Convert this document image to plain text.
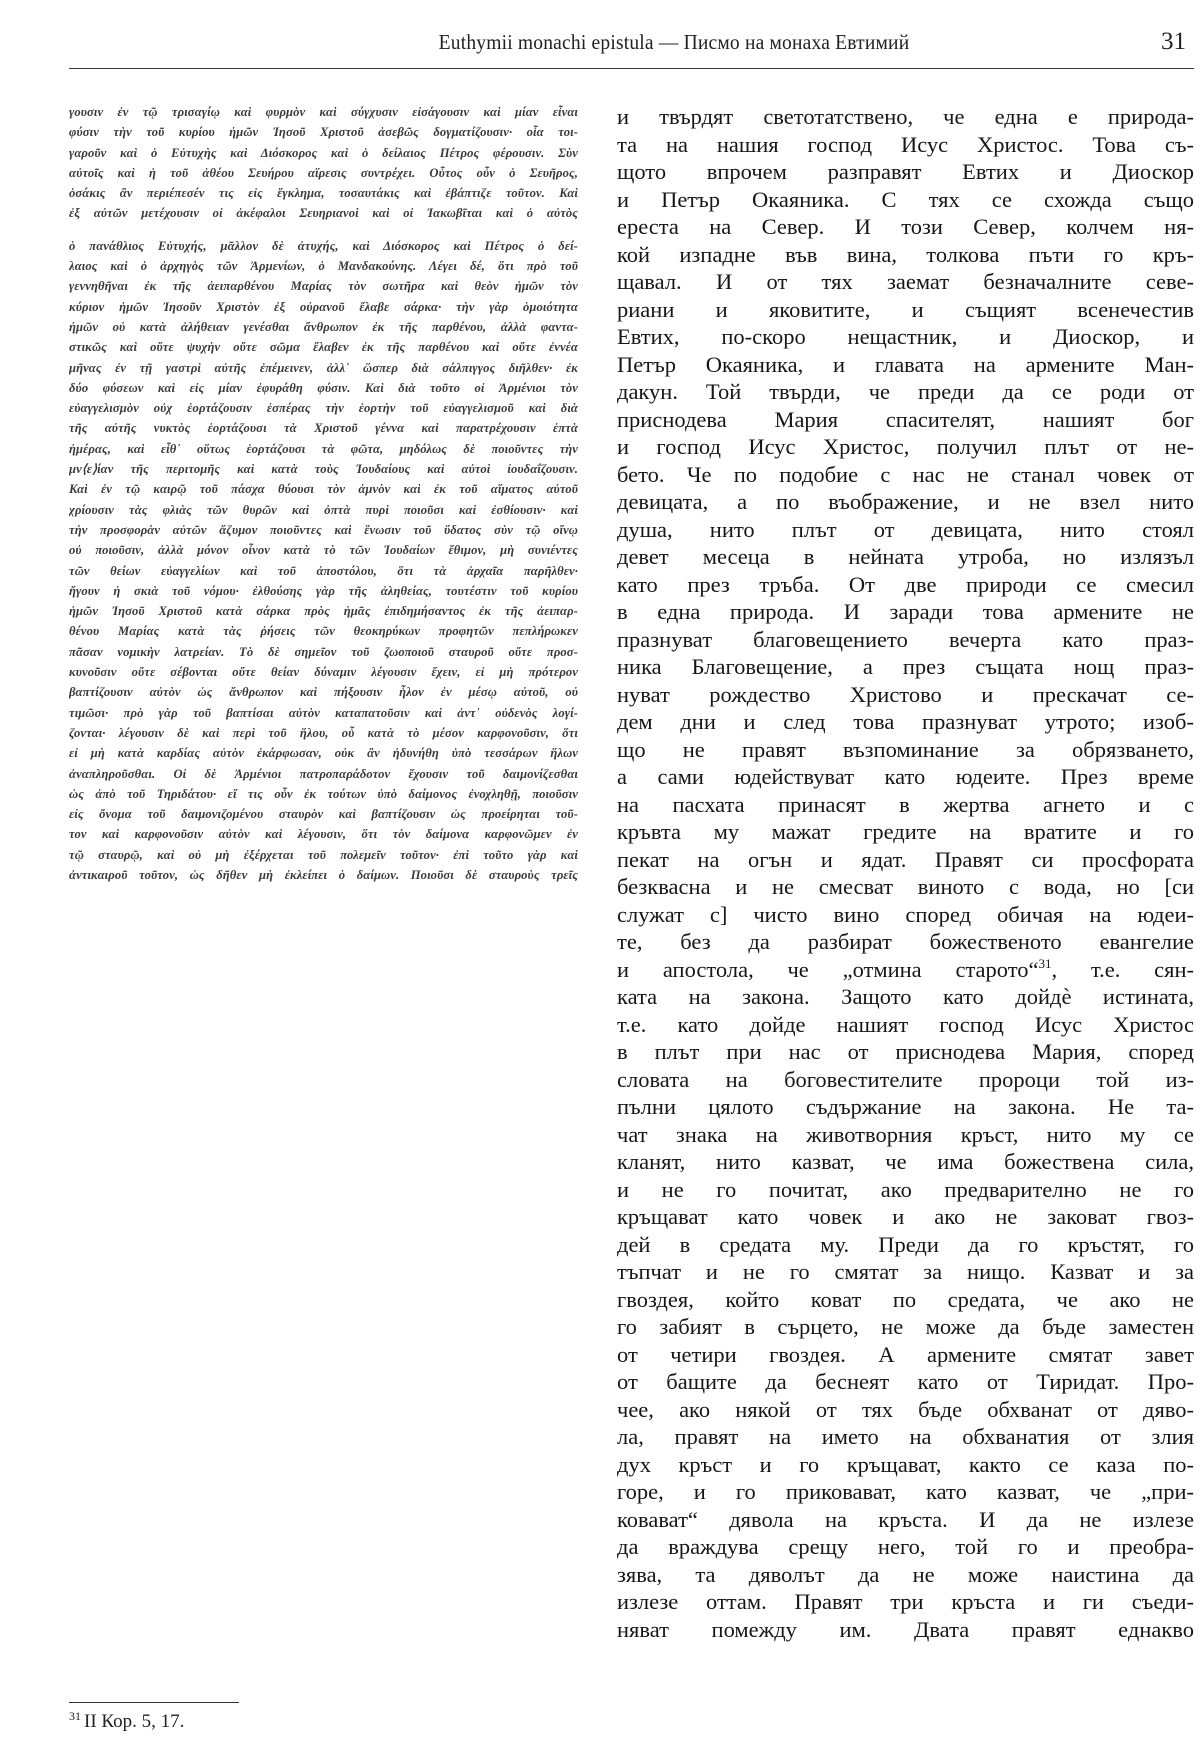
Euthymii monachi epistula — Писмо на монаха Евтимий	31
γουσιν ἐν τῷ τρισαγίῳ καὶ φυρμὸν καὶ σύγχυσιν εἰσάγουσιν καὶ μίαν εἶναι
φύσιν τὴν τοῦ κυρίου ἡμῶν Ἰησοῦ Χριστοῦ ἀσεβῶς δογματίζουσιν· οἷα τοι-
γαροῦν καὶ ὁ Εὐτυχὴς καὶ Διόσκορος καὶ ὁ δείλαιος Πέτρος φέρουσιν. Σὺν
αὐτοῖς καὶ ἡ τοῦ ἀθέου Σευήρου αἵρεσις συντρέχει. Οὗτος οὖν ὁ Σευῆρος,
ὁσάκις ἂν περιέπεσέν τις εἰς ἔγκλημα, τοσαυτάκις καὶ ἐβάπτιζε τοῦτον. Καὶ
ἐξ αὐτῶν μετέχουσιν οἱ ἀκέφαλοι Σευηριανοὶ καὶ οἱ Ἰακωβῖται καὶ ὁ αὐτὸς
ὁ πανάθλιος Εὐτυχής, μᾶλλον δὲ ἀτυχής, καὶ Διόσκορος καὶ Πέτρος ὁ δεί-
λαιος καὶ ὁ ἀρχηγὸς τῶν Ἀρμενίων, ὁ Μανδακούνης. Λέγει δέ, ὅτι πρὸ τοῦ
γεννηθῆναι ἐκ τῆς ἀειπαρθένου Μαρίας τὸν σωτῆρα καὶ θεὸν ἡμῶν τὸν
κύριον ἡμῶν Ἰησοῦν Χριστὸν ἐξ οὐρανοῦ ἔλαβε σάρκα· τὴν γὰρ ὁμοιότητα
ἡμῶν οὐ κατὰ ἀλήθειαν γενέσθαι ἄνθρωπον ἐκ τῆς παρθένου, ἀλλὰ φαντα-
στικῶς καὶ οὔτε ψυχὴν οὔτε σῶμα ἔλαβεν ἐκ τῆς παρθένου καὶ οὔτε ἐννέα
μῆνας ἐν τῇ γαστρὶ αὐτῆς ἐπέμεινεν, ἀλλ᾿ ὥσπερ διὰ σάλπιγγος διῆλθεν· ἐκ
δύο φύσεων καὶ εἰς μίαν ἐφυράθη φύσιν. Καὶ διὰ τοῦτο οἱ Ἀρμένιοι τὸν
εὐαγγελισμὸν οὐχ ἑορτάζουσιν ἑσπέρας τὴν ἑορτὴν τοῦ εὐαγγελισμοῦ καὶ διὰ
τῆς αὐτῆς νυκτὸς ἑορτάζουσι τὰ Χριστοῦ γέννα καὶ παρατρέχουσιν ἑπτὰ
ἡμέρας, καὶ εἶθ᾿ οὕτως ἑορτάζουσι τὰ φῶτα, μηδόλως δὲ ποιοῦντες τὴν
μν⟨ε⟩ίαν τῆς περιτομῆς καὶ κατὰ τοὺς Ἰουδαίους καὶ αὐτοὶ ἰουδαΐζουσιν.
Καὶ ἐν τῷ καιρῷ τοῦ πάσχα θύουσι τὸν ἀμνὸν καὶ ἐκ τοῦ αἵματος αὐτοῦ
χρίουσιν τὰς φλιὰς τῶν θυρῶν καὶ ὀπτὰ πυρὶ ποιοῦσι καὶ ἐσθίουσιν· καὶ
τὴν προσφορὰν αὐτῶν ἄζυμον ποιοῦντες καὶ ἕνωσιν τοῦ ὕδατος σὺν τῷ οἴνῳ
οὐ ποιοῦσιν, ἀλλὰ μόνον οἶνον κατὰ τὸ τῶν Ἰουδαίων ἔθιμον, μὴ συνιέντες
τῶν θείων εὐαγγελίων καὶ τοῦ ἀποστόλου, ὅτι τὰ ἀρχαῖα παρῆλθεν·
ἤγουν ἡ σκιὰ τοῦ νόμου· ἐλθούσης γὰρ τῆς ἀληθείας, τουτέστιν τοῦ κυρίου
ἡμῶν Ἰησοῦ Χριστοῦ κατὰ σάρκα πρὸς ἡμᾶς ἐπιδημήσαντος ἐκ τῆς ἀειπαρ-
θένου Μαρίας κατὰ τὰς ῥήσεις τῶν θεοκηρύκων προφητῶν πεπλήρωκεν
πᾶσαν νομικὴν λατρείαν. Τὸ δὲ σημεῖον τοῦ ζωοποιοῦ σταυροῦ οὔτε προσ-
κυνοῦσιν οὔτε σέβονται οὔτε θείαν δύναμιν λέγουσιν ἔχειν, εἰ μὴ πρότερον
βαπτίζουσιν αὐτὸν ὡς ἄνθρωπον καὶ πήξουσιν ἧλον ἐν μέσῳ αὐτοῦ, οὐ
τιμῶσι· πρὸ γὰρ τοῦ βαπτίσαι αὐτὸν καταπατοῦσιν καὶ ἀντ᾿ οὐδενὸς λογί-
ζονται· λέγουσιν δὲ καὶ περὶ τοῦ ἥλου, οὗ κατὰ τὸ μέσον καρφονοῦσιν, ὅτι
εἰ μὴ κατὰ καρδίας αὐτὸν ἐκάρφωσαν, οὐκ ἂν ἠδυνήθη ὑπὸ τεσσάρων ἥλων
ἀναπληροῦσθαι. Οἱ δὲ Ἀρμένιοι πατροπαράδοτον ἔχουσιν τοῦ δαιμονίζεσθαι
ὡς ἀπὸ τοῦ Τηριδάτου· εἴ τις οὖν ἐκ τούτων ὑπὸ δαίμονος ἐνοχληθῇ, ποιοῦσιν
εἰς ὄνομα τοῦ δαιμονιζομένου σταυρὸν καὶ βαπτίζουσιν ὡς προείρηται τοῦ-
τον καὶ καρφονοῦσιν αὐτὸν καὶ λέγουσιν, ὅτι τὸν δαίμονα καρφονῶμεν ἐν
τῷ σταυρῷ, καὶ οὐ μὴ ἐξέρχεται τοῦ πολεμεῖν τοῦτον· ἐπὶ τοῦτο γὰρ καὶ
ἀντικαιροῦ τοῦτον, ὡς δῆθεν μὴ ἐκλείπει ὁ δαίμων. Ποιοῦσι δὲ σταυροὺς τρεῖς
и твърдят светотатствено, че една е природа-
та на нашия господ Исус Христос. Това съ-
щото впрочем разправят Евтих и Диоскор
и Петър Окаяника. С тях се схожда също
ереста на Север. И този Север, колчем ня-
кой изпадне във вина, толкова пъти го кръ-
щавал. И от тях заемат безначалните севе-
риани и яковитите, и същият всенечестив
Евтих, по-скоро нещастник, и Диоскор, и
Петър Окаяника, и главата на армените Ман-
дакун. Той твърди, че преди да се роди от
приснодева Мария спасителят, нашият бог
и господ Исус Христос, получил плът от не-
бето. Че по подобие с нас не станал човек от
девицата, а по въображение, и не взел нито
душа, нито плът от девицата, нито стоял
девет месеца в нейната утроба, но излязъл
като през тръба. От две природи се смесил
в една природа. И заради това армените не
празнуват благовещението вечерта като праз-
ника Благовещение, а през същата нощ праз-
нуват рождество Христово и прескачат се-
дем дни и след това празнуват утрото; изоб-
що не правят възпоминание за обрязването,
а сами юдействуват като юдеите. През време
на пасхата принасят в жертва агнето и с
кръвта му мажат гредите на вратите и го
пекат на огън и ядат. Правят си просфората
безквасна и не смесват виното с вода, но [си
служат с] чисто вино според обичая на юдеи-
те, без да разбират божественото евангелие
и апостола, че „отмина старото“$^{31}$, т.е. сян-
ката на закона. Защото като дойдѐ истината,
т.е. като дойде нашият господ Исус Христос
в плът при нас от приснодева Мария, според
словата на боговестителите пророци той из-
пълни цялото съдържание на закона. Не та-
чат знака на животворния кръст, нито му се
кланят, нито казват, че има божествена сила,
и не го почитат, ако предварително не го
кръщават като човек и ако не заковат гвоз-
дей в средата му. Преди да го кръстят, го
тъпчат и не го смятат за нищо. Казват и за
гвоздея, който коват по средата, че ако не
го забият в сърцето, не може да бъде заместен
от четири гвоздея. А армените смятат завет
от бащите да беснеят като от Тиридат. Про-
чее, ако някой от тях бъде обхванат от дяво-
ла, правят на името на обхванатия от злия
дух кръст и го кръщават, както се каза по-
горе, и го приковават, като казват, че „при-
ковават“ дявола на кръста. И да не излезе
да враждува срещу него, той го и преобра-
зява, та дяволът да не може наистина да
излезе оттам. Правят три кръста и ги съеди-
няват помежду им. Двата правят еднакво
$^{31}$ II Кор. 5, 17.
